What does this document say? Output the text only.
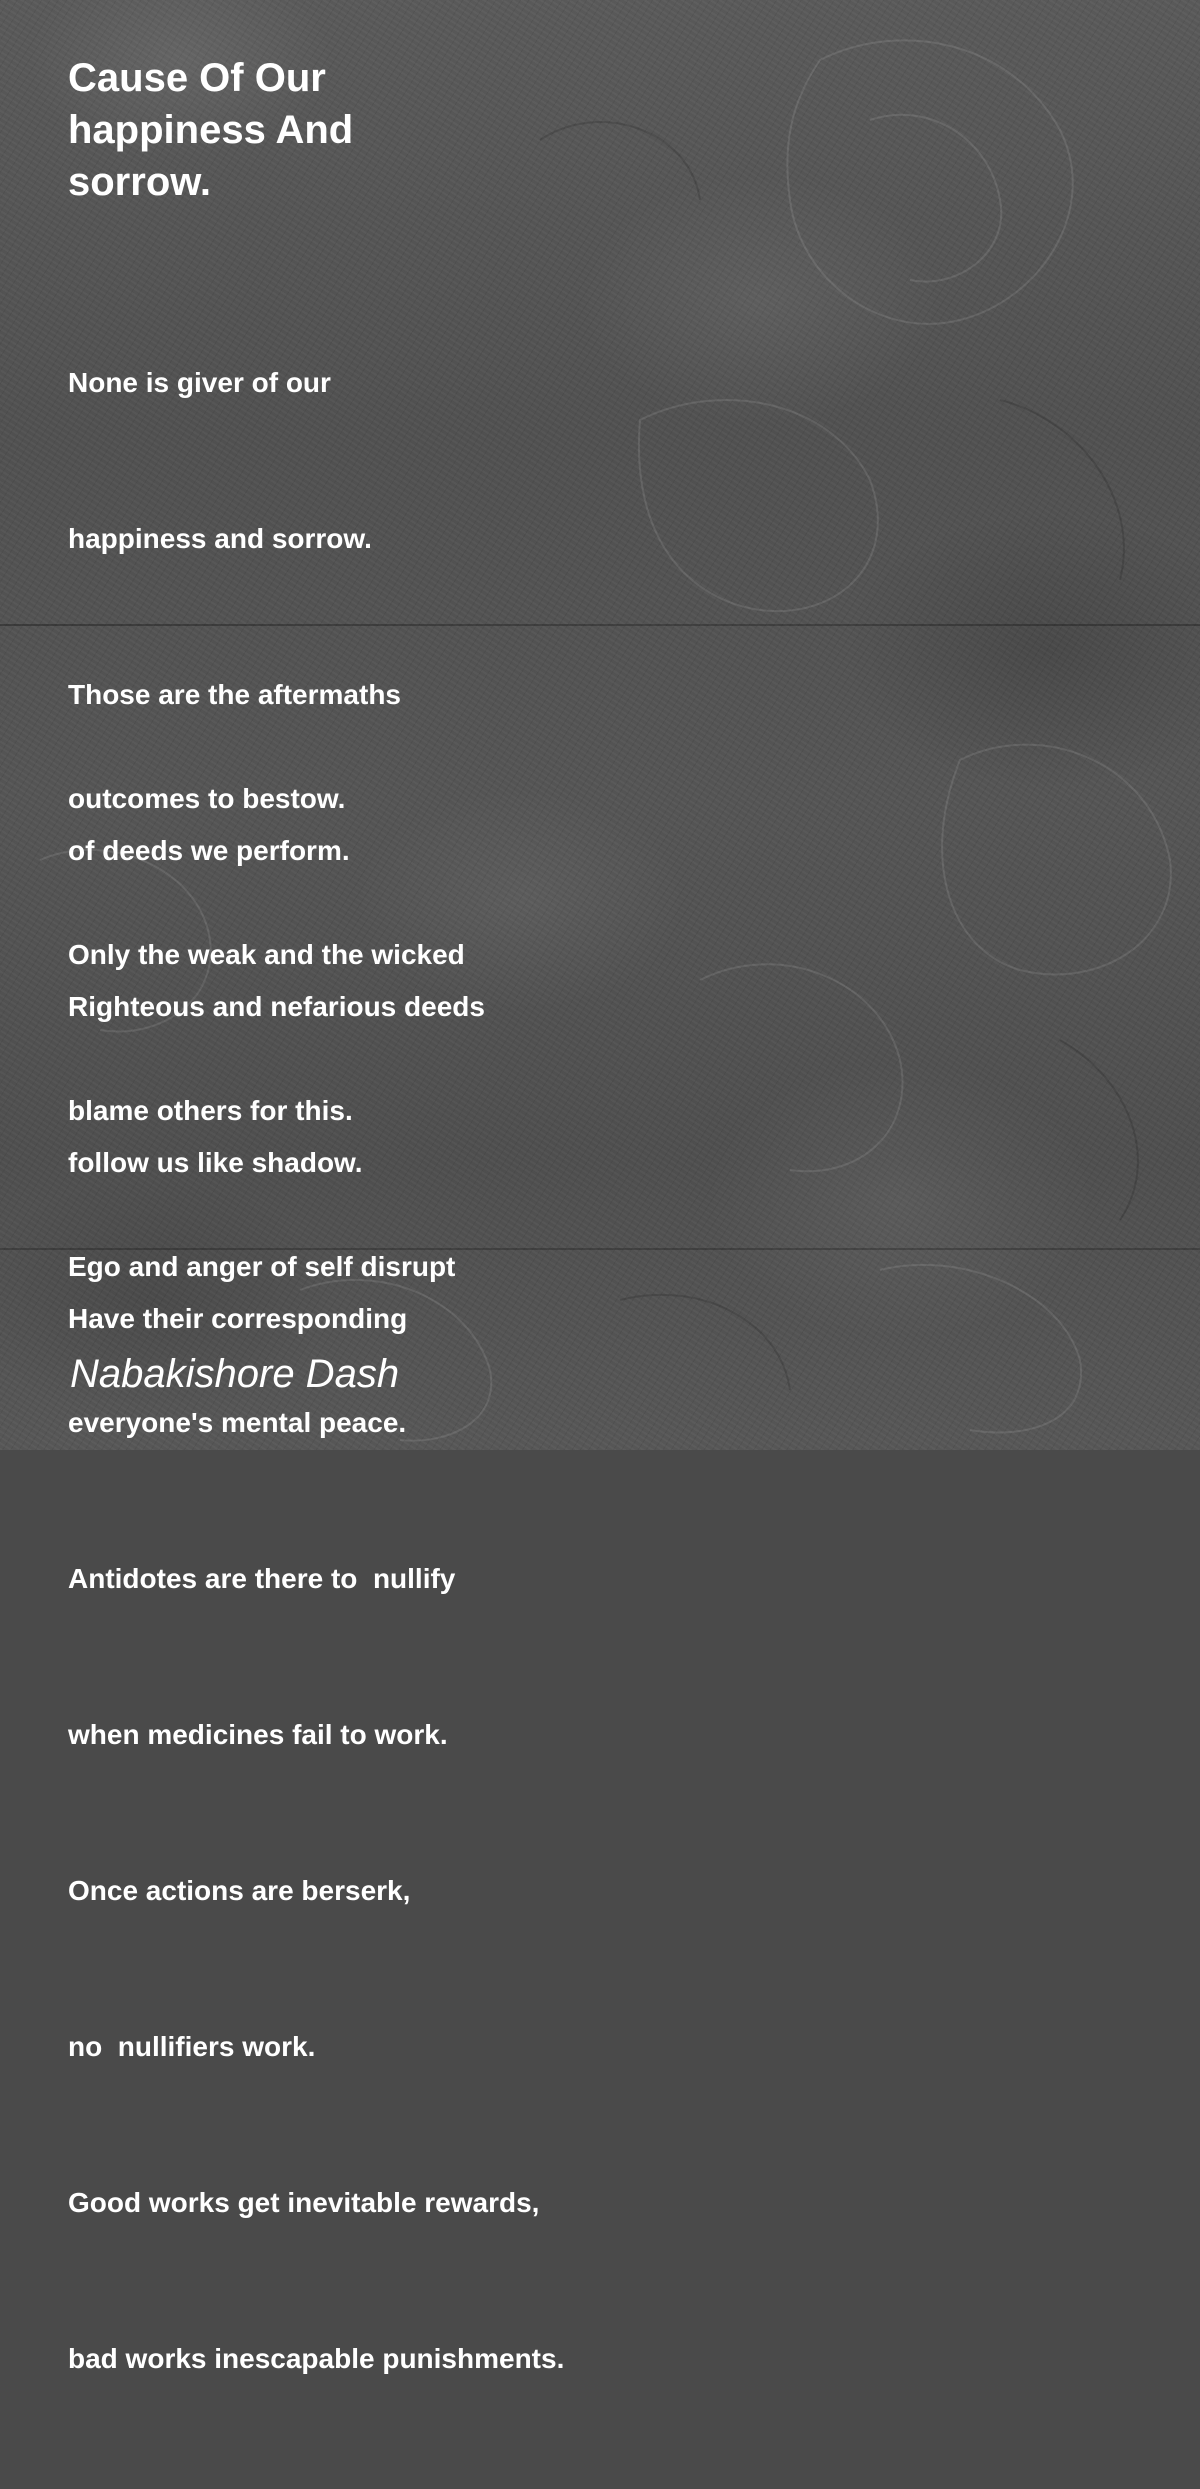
Cause Of Our
happiness And
sorrow.

None is giver of our

happiness and sorrow.

Those are the aftermaths

of deeds we perform.

Righteous and nefarious deeds

follow us like shadow.

Have their corresponding

outcomes to bestow.

Only the weak and the wicked

blame others for this.

Ego and anger of self disrupt

everyone's mental peace.

Antidotes are there to  nullify

when medicines fail to work.

Once actions are berserk,

no  nullifiers work.

Good works get inevitable rewards,

bad works inescapable punishments.

Nabakishore Dash
